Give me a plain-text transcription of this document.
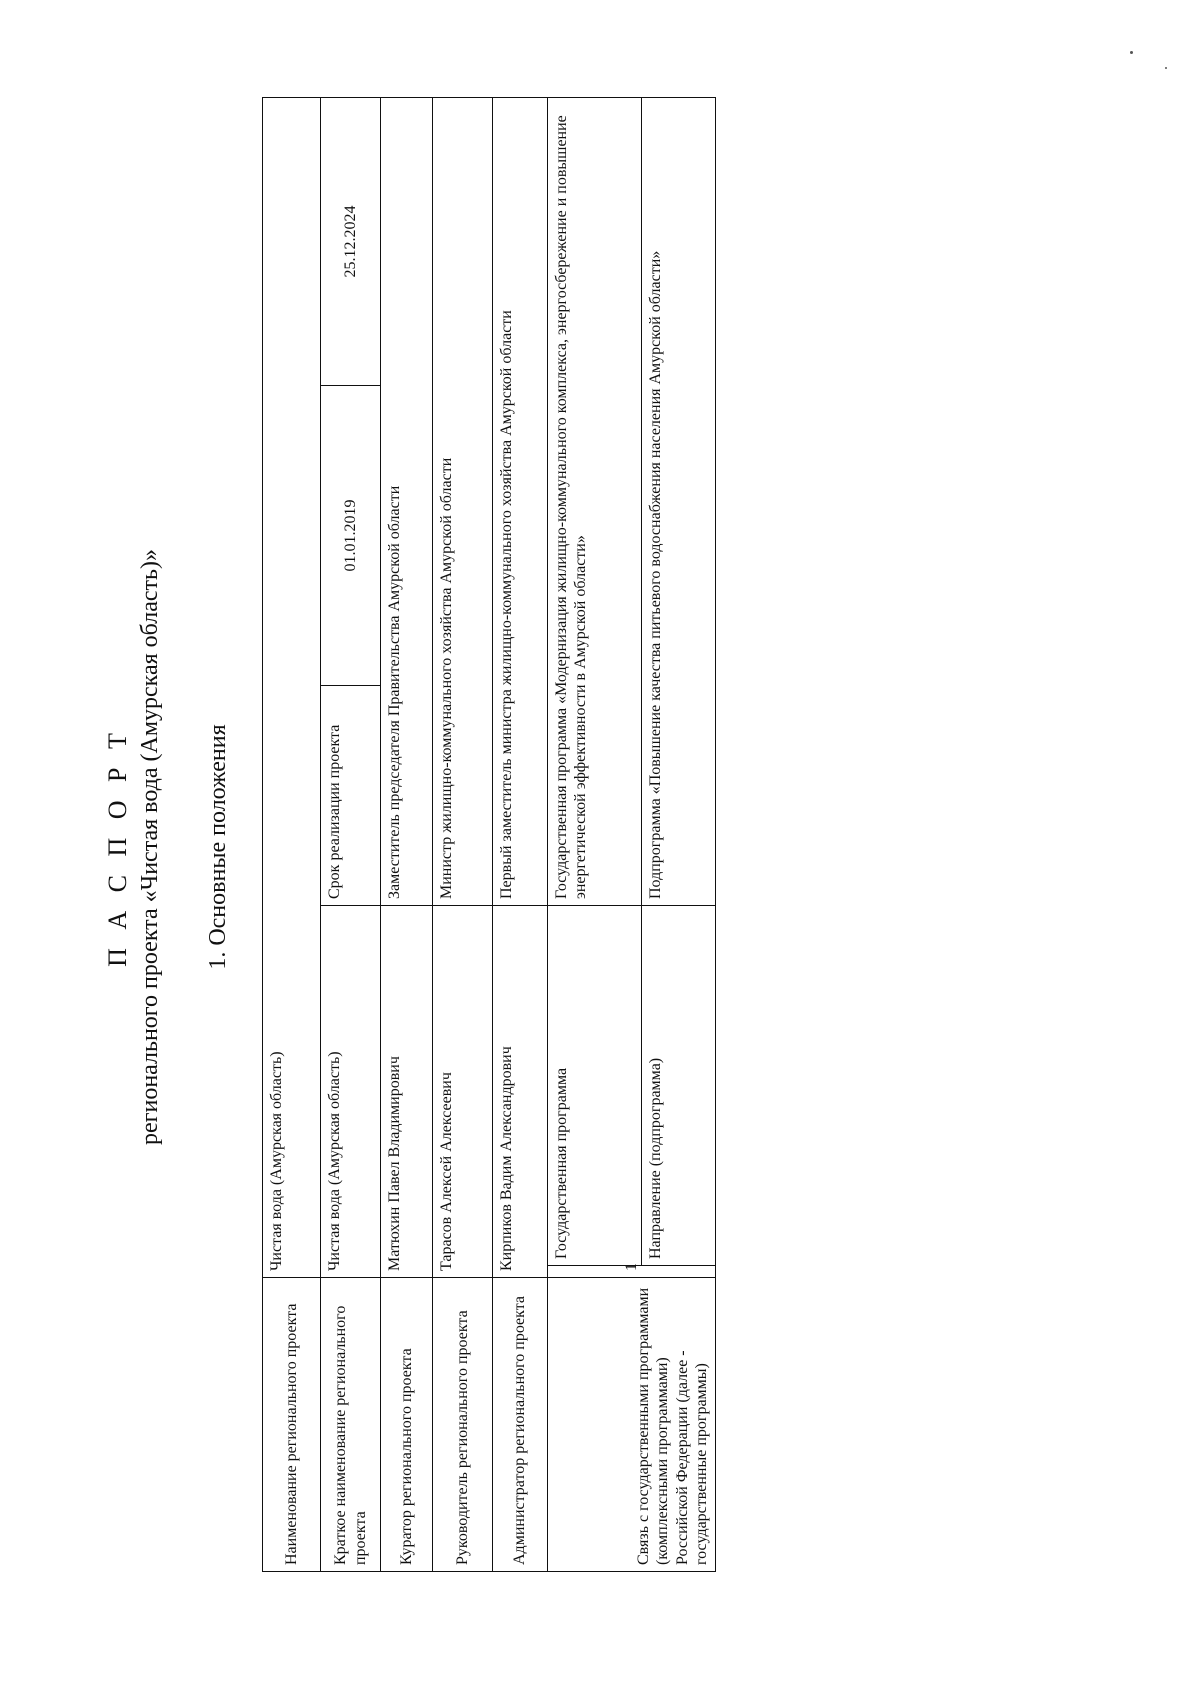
П А С П О Р Т регионального проекта «Чистая вода (Амурская область)» 1. Основные положения
Наименование регионального проекта	Чистая вода (Амурская область)				
Краткое наименование регионального проекта	Чистая вода (Амурская область)		Срок реализации проекта	01.01.2019	25.12.2024
Куратор регионального проекта	Матюхин Павел Владимирович		Заместитель председателя Правительства Амурской области		
Руководитель регионального проекта	Тарасов Алексей Алексеевич		Министр жилищно-коммунального хозяйства Амурской области		
Администратор регионального проекта	Кирпиков Вадим Александрович		Первый заместитель министра жилищно-коммунального хозяйства Амурской области		
Связь с государственными программами (комплексными программами) Российской Федерации (далее - государственные программы)	1	Государственная программа	Государственная программа «Модернизация жилищно-коммунального комплекса, энергосбережение и повышение энергетической эффективности в Амурской области»		
		Направление (подпрограмма)	Подпрограмма «Повышение качества питьевого водоснабжения населения Амурской области»		
